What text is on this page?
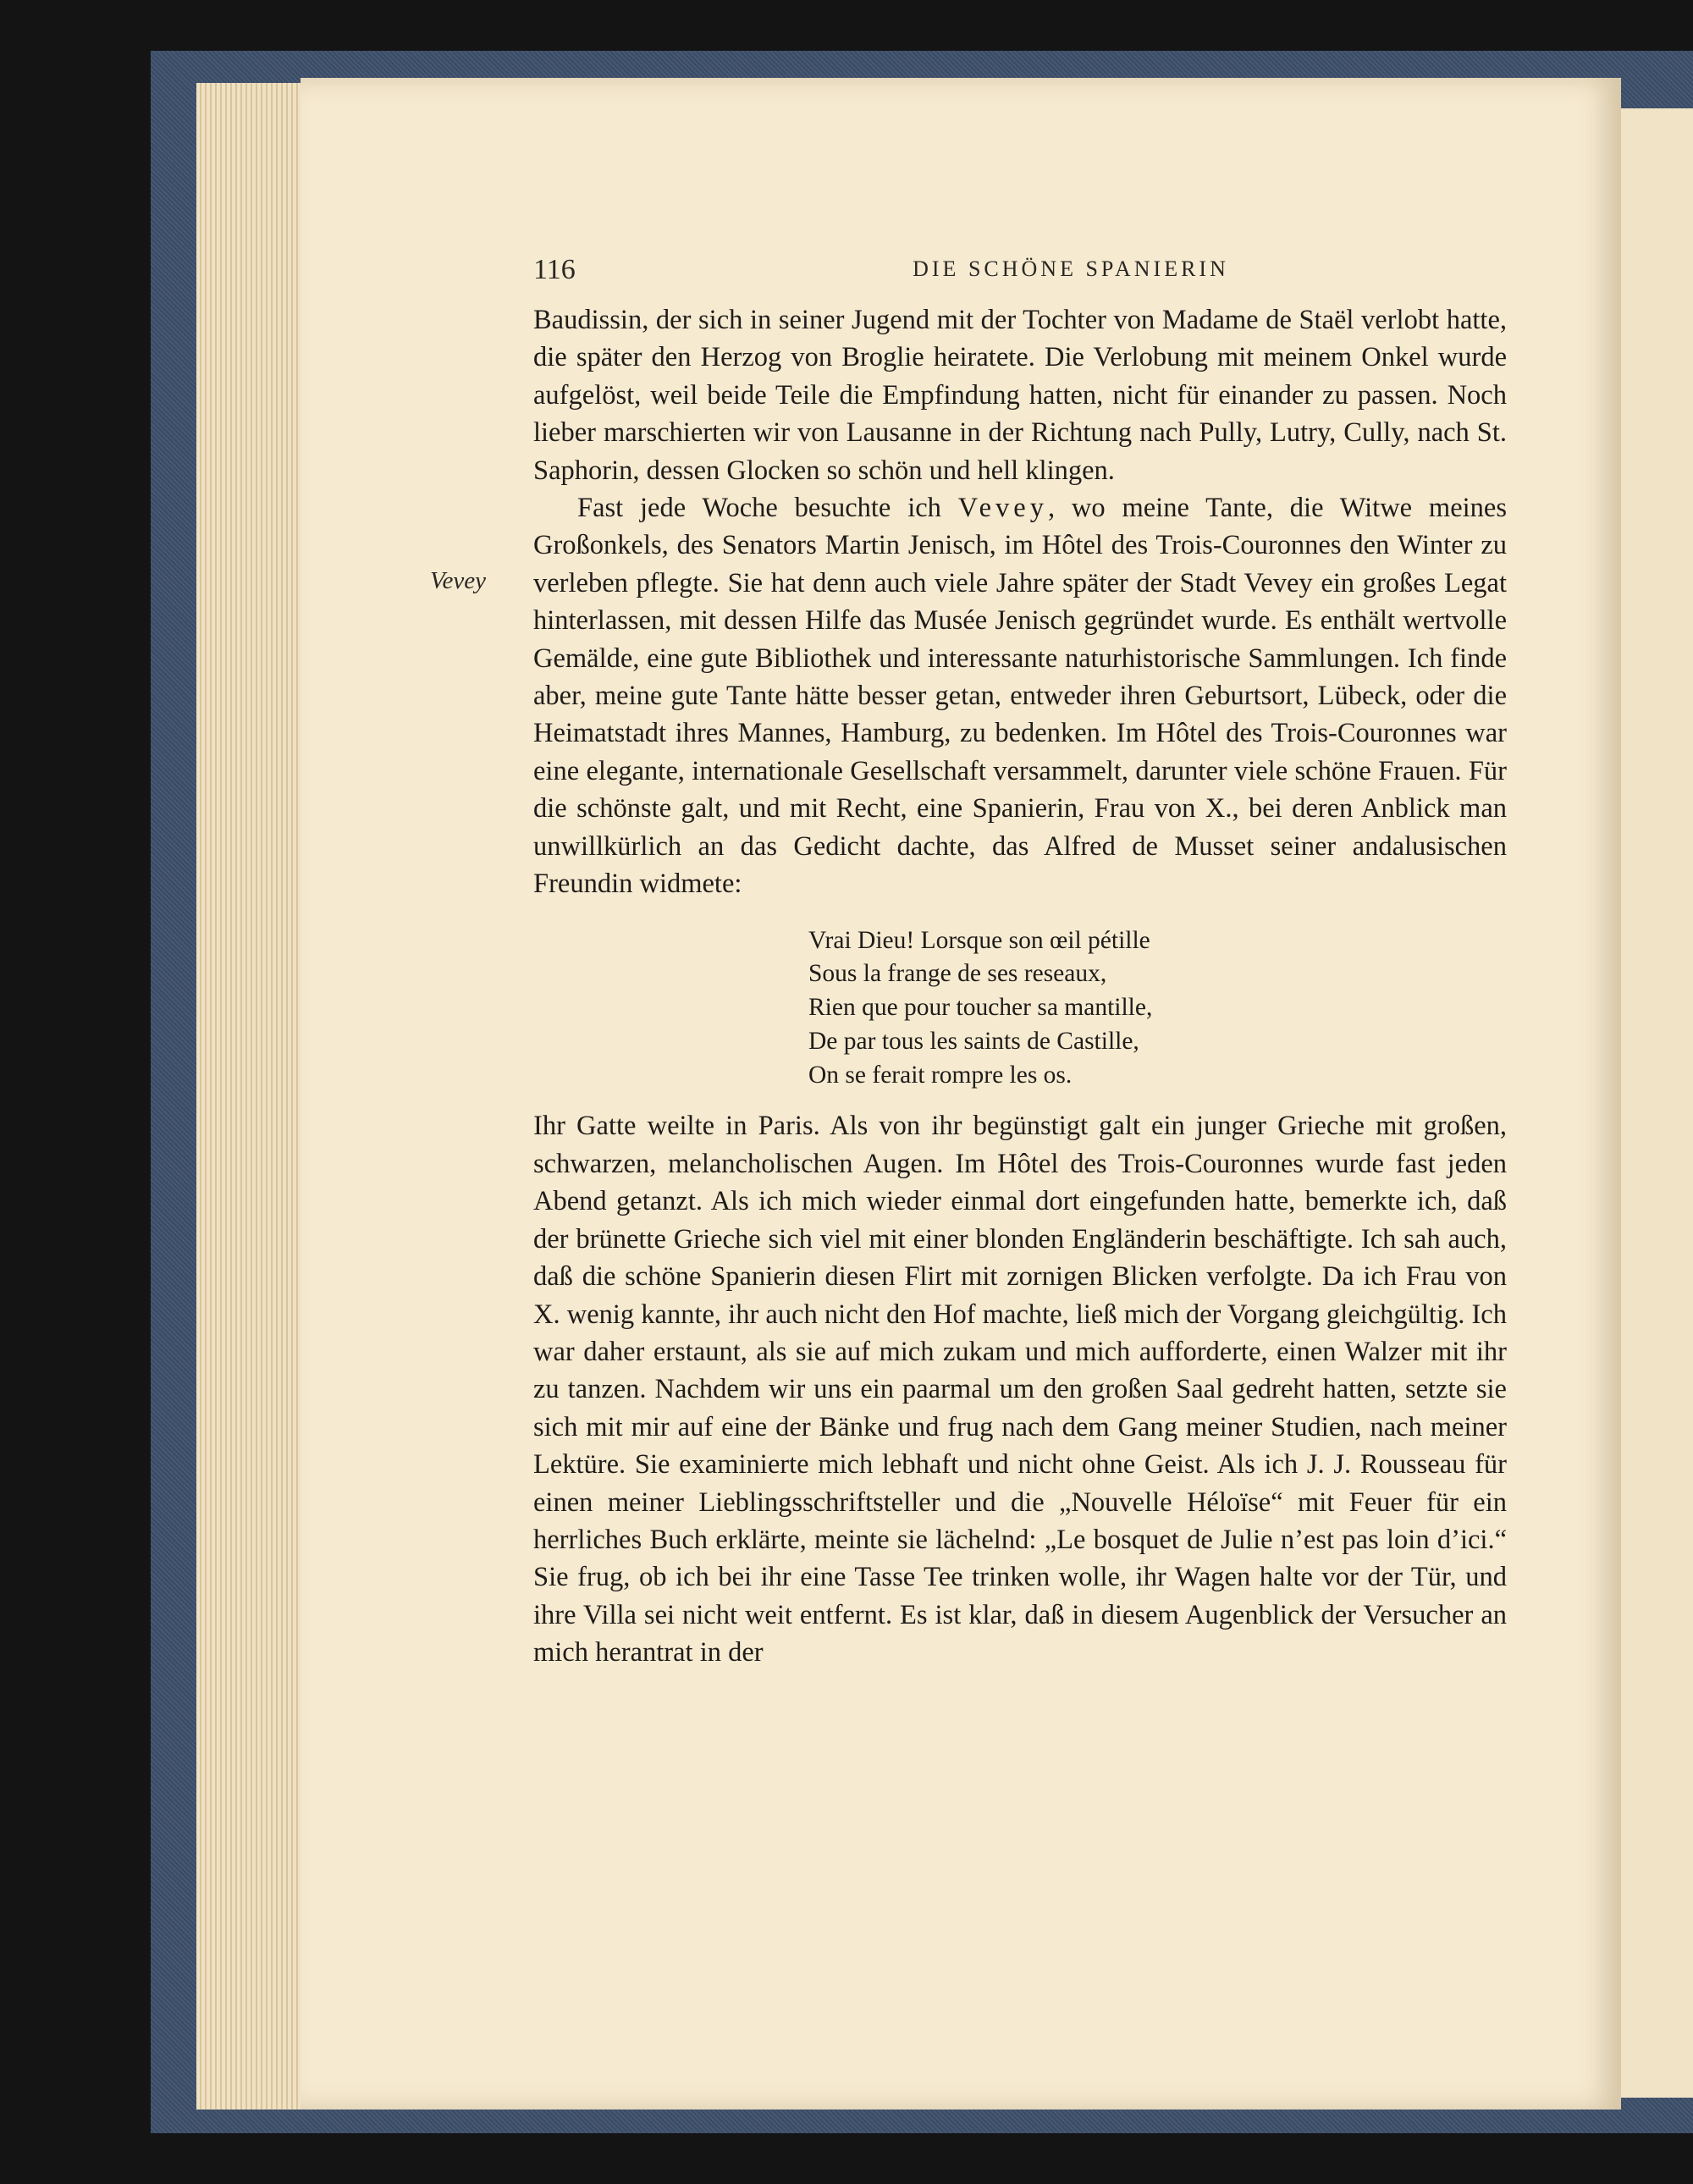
116	DIE SCHÖNE SPANIERIN
Vevey

Baudissin, der sich in seiner Jugend mit der Tochter von Madame de Staël verlobt hatte, die später den Herzog von Broglie heiratete. Die Verlobung mit meinem Onkel wurde aufgelöst, weil beide Teile die Empfindung hatten, nicht für einander zu passen. Noch lieber marschierten wir von Lausanne in der Richtung nach Pully, Lutry, Cully, nach St. Saphorin, dessen Glocken so schön und hell klingen.

Fast jede Woche besuchte ich Vevey, wo meine Tante, die Witwe meines Großonkels, des Senators Martin Jenisch, im Hôtel des Trois-Couronnes den Winter zu verleben pflegte. Sie hat denn auch viele Jahre später der Stadt Vevey ein großes Legat hinterlassen, mit dessen Hilfe das Musée Jenisch gegründet wurde. Es enthält wertvolle Gemälde, eine gute Bibliothek und interessante naturhistorische Sammlungen. Ich finde aber, meine gute Tante hätte besser getan, entweder ihren Geburtsort, Lübeck, oder die Heimatstadt ihres Mannes, Hamburg, zu bedenken. Im Hôtel des Trois-Couronnes war eine elegante, internationale Gesellschaft versammelt, darunter viele schöne Frauen. Für die schönste galt, und mit Recht, eine Spanierin, Frau von X., bei deren Anblick man unwillkürlich an das Gedicht dachte, das Alfred de Musset seiner andalusischen Freundin widmete:

Vrai Dieu! Lorsque son œil pétille
Sous la frange de ses reseaux,
Rien que pour toucher sa mantille,
De par tous les saints de Castille,
On se ferait rompre les os.

Ihr Gatte weilte in Paris. Als von ihr begünstigt galt ein junger Grieche mit großen, schwarzen, melancholischen Augen. Im Hôtel des Trois-Couronnes wurde fast jeden Abend getanzt. Als ich mich wieder einmal dort eingefunden hatte, bemerkte ich, daß der brünette Grieche sich viel mit einer blonden Engländerin beschäftigte. Ich sah auch, daß die schöne Spanierin diesen Flirt mit zornigen Blicken verfolgte. Da ich Frau von X. wenig kannte, ihr auch nicht den Hof machte, ließ mich der Vorgang gleichgültig. Ich war daher erstaunt, als sie auf mich zukam und mich aufforderte, einen Walzer mit ihr zu tanzen. Nachdem wir uns ein paarmal um den großen Saal gedreht hatten, setzte sie sich mit mir auf eine der Bänke und frug nach dem Gang meiner Studien, nach meiner Lektüre. Sie examinierte mich lebhaft und nicht ohne Geist. Als ich J. J. Rousseau für einen meiner Lieblingsschriftsteller und die „Nouvelle Héloïse“ mit Feuer für ein herrliches Buch erklärte, meinte sie lächelnd: „Le bosquet de Julie n’est pas loin d’ici.“ Sie frug, ob ich bei ihr eine Tasse Tee trinken wolle, ihr Wagen halte vor der Tür, und ihre Villa sei nicht weit entfernt. Es ist klar, daß in diesem Augenblick der Versucher an mich herantrat in der
